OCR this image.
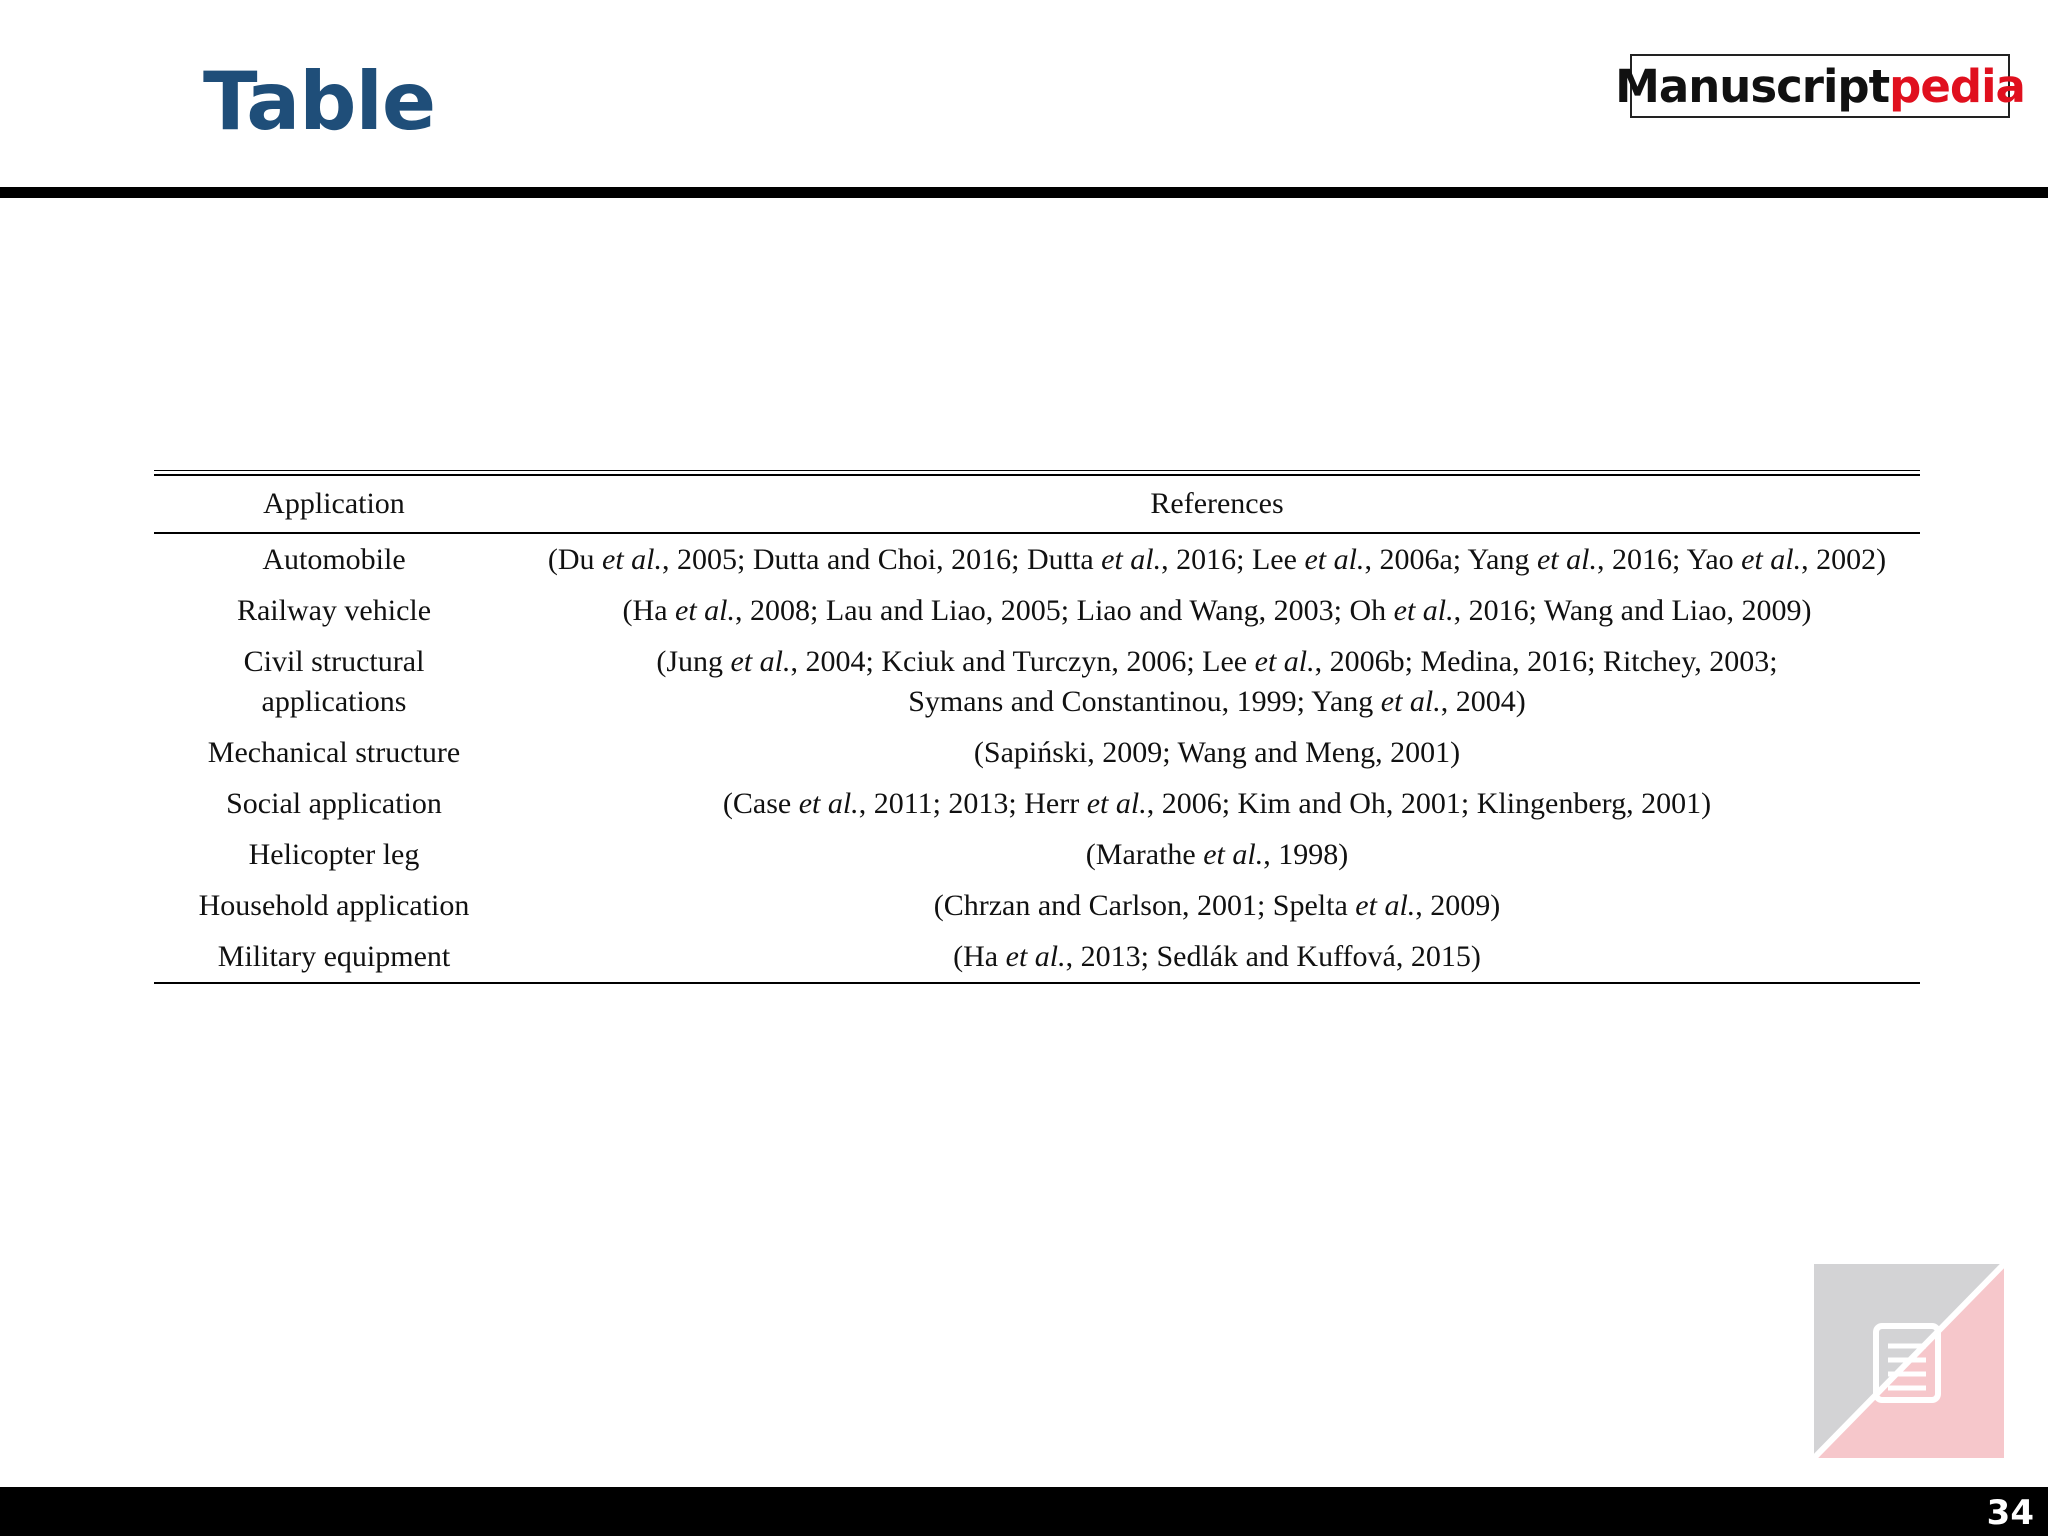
Table	Manuscript pedia
Application	References
Automobile	(Du et al., 2005; Dutta and Choi, 2016; Dutta et al., 2016; Lee et al., 2006a; Yang et al., 2016; Yao et al., 2002)
Railway vehicle	(Ha et al., 2008; Lau and Liao, 2005; Liao and Wang, 2003; Oh et al., 2016; Wang and Liao, 2009)
Civil structural
applications	(Jung et al., 2004; Kciuk and Turczyn, 2006; Lee et al., 2006b; Medina, 2016; Ritchey, 2003;
Symans and Constantinou, 1999; Yang et al., 2004)
Mechanical structure	(Sapiński, 2009; Wang and Meng, 2001)
Social application	(Case et al., 2011; 2013; Herr et al., 2006; Kim and Oh, 2001; Klingenberg, 2001)
Helicopter leg	(Marathe et al., 1998)
Household application	(Chrzan and Carlson, 2001; Spelta et al., 2009)
Military equipment	(Ha et al., 2013; Sedlák and Kuffová, 2015)
34
